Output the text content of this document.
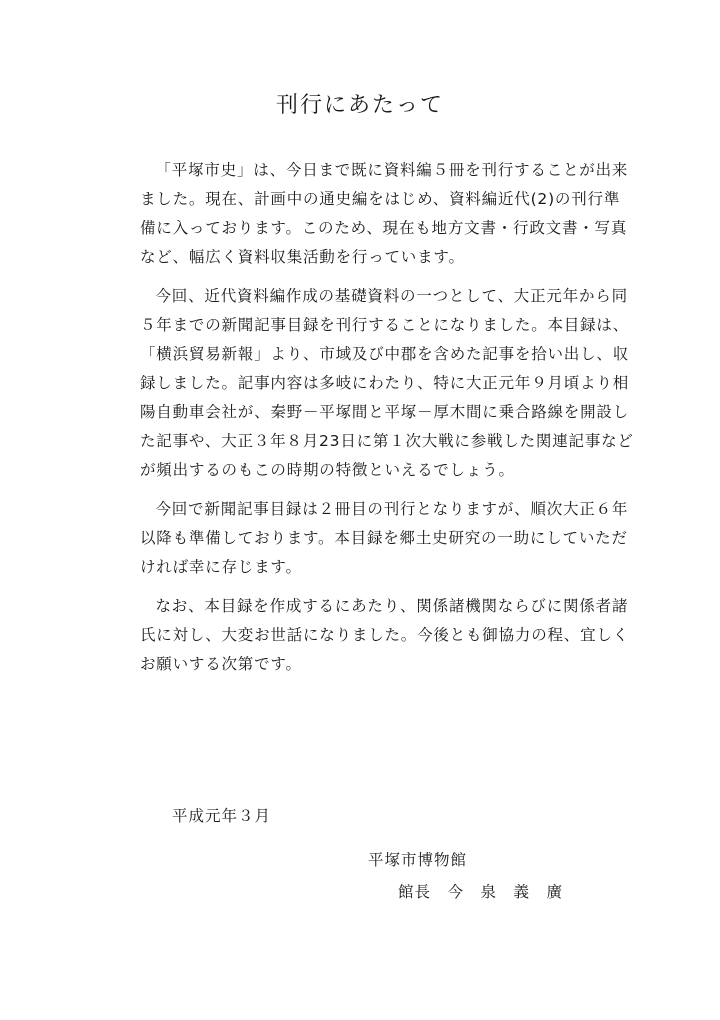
刊行にあたって

「平塚市史」は、今日まで既に資料編５冊を刊行することが出来
ました。現在、計画中の通史編をはじめ、資料編近代(2)の刊行準
備に入っております。このため、現在も地方文書・行政文書・写真
など、幅広く資料収集活動を行っています。

今回、近代資料編作成の基礎資料の一つとして、大正元年から同
５年までの新聞記事目録を刊行することになりました。本目録は、
「横浜貿易新報」より、市域及び中郡を含めた記事を拾い出し、収
録しました。記事内容は多岐にわたり、特に大正元年９月頃より相
陽自動車会社が、秦野－平塚間と平塚－厚木間に乗合路線を開設し
た記事や、大正３年８月23日に第１次大戦に参戦した関連記事など
が頻出するのもこの時期の特徴といえるでしょう。

今回で新聞記事目録は２冊目の刊行となりますが、順次大正６年
以降も準備しております。本目録を郷土史研究の一助にしていただ
ければ幸に存じます。

なお、本目録を作成するにあたり、関係諸機関ならびに関係者諸
氏に対し、大変お世話になりました。今後とも御協力の程、宜しく
お願いする次第です。

平成元年３月
平塚市博物館
館長　今　泉　義　廣
